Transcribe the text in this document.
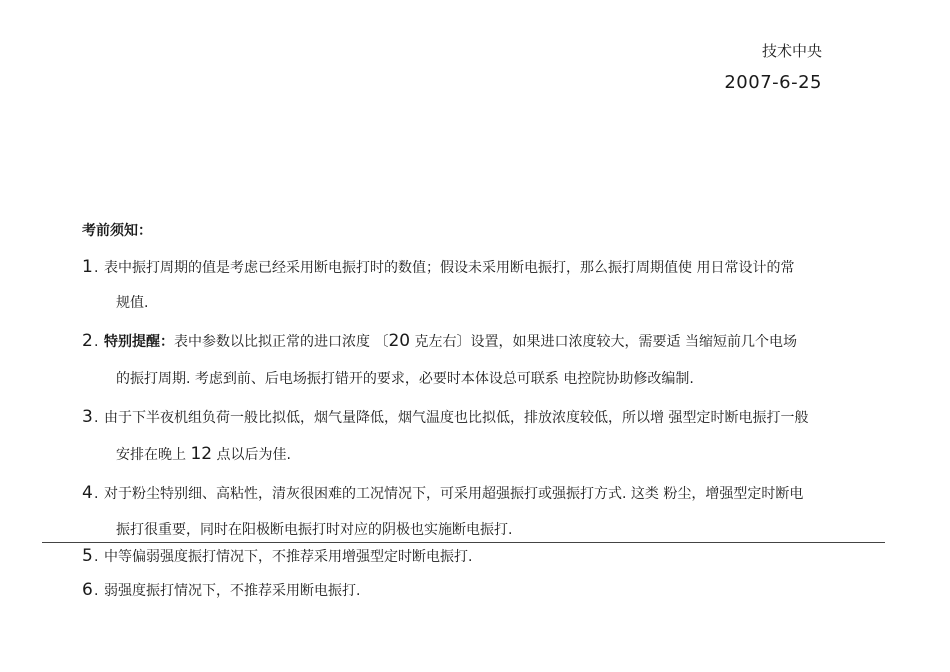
技术中央
2007-6-25
考前须知：
1. 表中振打周期的值是考虑已经采用断电振打时的数值；假设未采用断电振打，那么振打周期值使 用日常设计的常
规值.
2. 特别提醒：表中参数以比拟正常的进口浓度 〔20 克左右〕设置，如果进口浓度较大，需要适 当缩短前几个电场
的振打周期. 考虑到前、后电场振打错开的要求，必要时本体设总可联系 电控院协助修改编制.
3. 由于下半夜机组负荷一般比拟低，烟气量降低，烟气温度也比拟低，排放浓度较低，所以增 强型定时断电振打一般
安排在晚上 12 点以后为佳.
4. 对于粉尘特别细、高粘性，清灰很困难的工况情况下，可采用超强振打或强振打方式. 这类 粉尘，增强型定时断电
振打很重要，同时在阳极断电振打时对应的阴极也实施断电振打.
5. 中等偏弱强度振打情况下，不推荐采用增强型定时断电振打.
6. 弱强度振打情况下，不推荐采用断电振打.
